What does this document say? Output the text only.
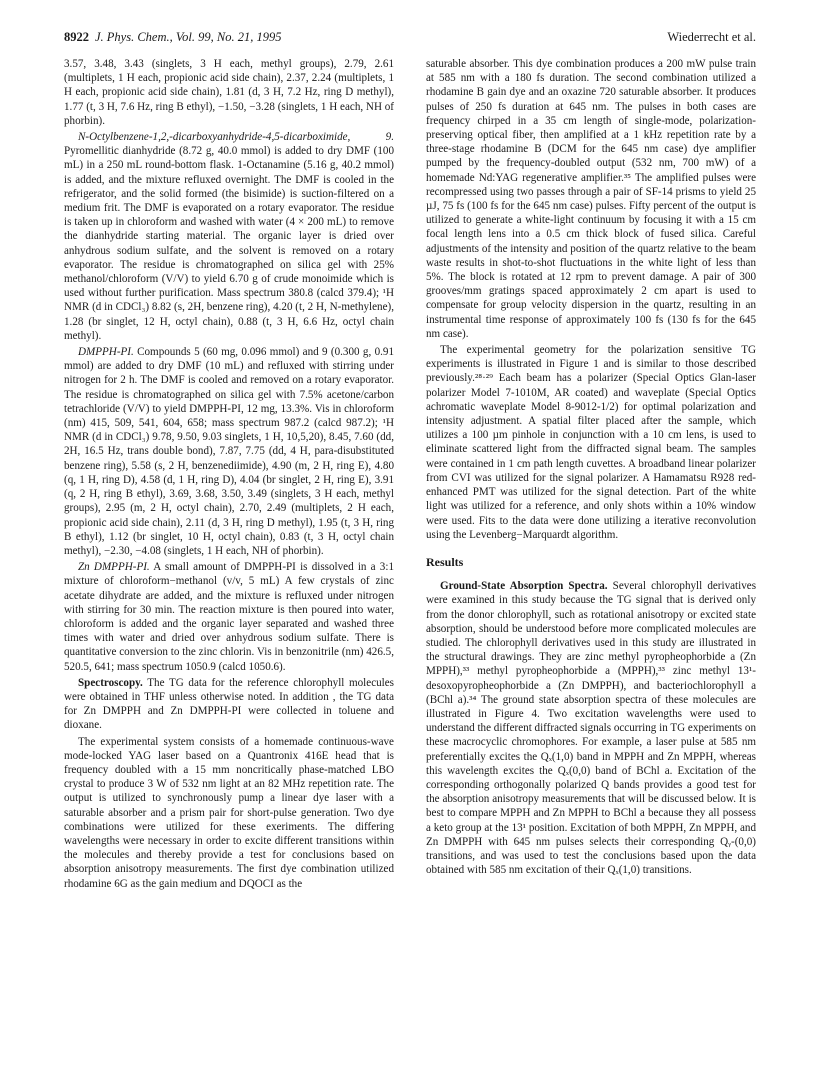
8922 J. Phys. Chem., Vol. 99, No. 21, 1995	Wiederrecht et al.

3.57, 3.48, 3.43 (singlets, 3 H each, methyl groups), 2.79, 2.61 (multiplets, 1 H each, propionic acid side chain), 2.37, 2.24 (multiplets, 1 H each, propionic acid side chain), 1.81 (d, 3 H, 7.2 Hz, ring D methyl), 1.77 (t, 3 H, 7.6 Hz, ring B ethyl), −1.50, −3.28 (singlets, 1 H each, NH of phorbin).

N-Octylbenzene-1,2,-dicarboxyanhydride-4,5-dicarboximide, 9. Pyromellitic dianhydride (8.72 g, 40.0 mmol) is added to dry DMF (100 mL) in a 250 mL round-bottom flask. 1-Octanamine (5.16 g, 40.2 mmol) is added, and the mixture refluxed overnight. The DMF is cooled in the refrigerator, and the solid formed (the bisimide) is suction-filtered on a medium frit. The DMF is evaporated on a rotary evaporator. The residue is taken up in chloroform and washed with water (4 × 200 mL) to remove the dianhydride starting material. The organic layer is dried over anhydrous sodium sulfate, and the solvent is removed on a rotary evaporator. The residue is chromatographed on silica gel with 25% methanol/chloroform (V/V) to yield 6.70 g of crude monoimide which is used without further purification. Mass spectrum 380.8 (calcd 379.4); ¹H NMR (d in CDCl₃) 8.82 (s, 2H, benzene ring), 4.20 (t, 2 H, N-methylene), 1.28 (br singlet, 12 H, octyl chain), 0.88 (t, 3 H, 6.6 Hz, octyl chain methyl).

DMPPH-PI. Compounds 5 (60 mg, 0.096 mmol) and 9 (0.300 g, 0.91 mmol) are added to dry DMF (10 mL) and refluxed with stirring under nitrogen for 2 h. The DMF is cooled and removed on a rotary evaporator. The residue is chromatographed on silica gel with 7.5% acetone/carbon tetrachloride (V/V) to yield DMPPH-PI, 12 mg, 13.3%. Vis in chloroform (nm) 415, 509, 541, 604, 658; mass spectrum 987.2 (calcd 987.2); ¹H NMR (d in CDCl₃) 9.78, 9.50, 9.03 singlets, 1 H, 10,5,20), 8.45, 7.60 (dd, 2H, 16.5 Hz, trans double bond), 7.87, 7.75 (dd, 4 H, para-disubstituted benzene ring), 5.58 (s, 2 H, benzenediimide), 4.90 (m, 2 H, ring E), 4.80 (q, 1 H, ring D), 4.58 (d, 1 H, ring D), 4.04 (br singlet, 2 H, ring E), 3.91 (q, 2 H, ring B ethyl), 3.69, 3.68, 3.50, 3.49 (singlets, 3 H each, methyl groups), 2.95 (m, 2 H, octyl chain), 2.70, 2.49 (multiplets, 2 H each, propionic acid side chain), 2.11 (d, 3 H, ring D methyl), 1.95 (t, 3 H, ring B ethyl), 1.12 (br singlet, 10 H, octyl chain), 0.83 (t, 3 H, octyl chain methyl), −2.30, −4.08 (singlets, 1 H each, NH of phorbin).

Zn DMPPH-PI. A small amount of DMPPH-PI is dissolved in a 3:1 mixture of chloroform−methanol (v/v, 5 mL) A few crystals of zinc acetate dihydrate are added, and the mixture is refluxed under nitrogen with stirring for 30 min. The reaction mixture is then poured into water, chloroform is added and the organic layer separated and washed three times with water and dried over anhydrous sodium sulfate. There is quantitative conversion to the zinc chlorin. Vis in benzonitrile (nm) 426.5, 520.5, 641; mass spectrum 1050.9 (calcd 1050.6).

Spectroscopy. The TG data for the reference chlorophyll molecules were obtained in THF unless otherwise noted. In addition , the TG data for Zn DMPPH and Zn DMPPH-PI were collected in toluene and dioxane.

The experimental system consists of a homemade continuous-wave mode-locked YAG laser based on a Quantronix 416E head that is frequency doubled with a 15 mm noncritically phase-matched LBO crystal to produce 3 W of 532 nm light at an 82 MHz repetition rate. The output is utilized to synchronously pump a linear dye laser with a saturable absorber and a prism pair for short-pulse generation. Two dye combinations were utilized for these exeriments. The differing wavelengths were necessary in order to excite different transitions within the molecules and thereby provide a test for conclusions based on absorption anisotropy measurements. The first dye combination utilized rhodamine 6G as the gain medium and DQOCI as the

saturable absorber. This dye combination produces a 200 mW pulse train at 585 nm with a 180 fs duration. The second combination utilized a rhodamine B gain dye and an oxazine 720 saturable absorber. It produces pulses of 250 fs duration at 645 nm. The pulses in both cases are frequency chirped in a 35 cm length of single-mode, polarization-preserving optical fiber, then amplified at a 1 kHz repetition rate by a three-stage rhodamine B (DCM for the 645 nm case) dye amplifier pumped by the frequency-doubled output (532 nm, 700 mW) of a homemade Nd:YAG regenerative amplifier.³⁵ The amplified pulses were recompressed using two passes through a pair of SF-14 prisms to yield 25 µJ, 75 fs (100 fs for the 645 nm case) pulses. Fifty percent of the output is utilized to generate a white-light continuum by focusing it with a 15 cm focal length lens into a 0.5 cm thick block of fused silica. Careful adjustments of the intensity and position of the quartz relative to the beam waste results in shot-to-shot fluctuations in the white light of less than 5%. The block is rotated at 12 rpm to prevent damage. A pair of 300 grooves/mm gratings spaced approximately 2 cm apart is used to compensate for group velocity dispersion in the quartz, resulting in an instrumental time response of approximately 100 fs (130 fs for the 645 nm case).

The experimental geometry for the polarization sensitive TG experiments is illustrated in Figure 1 and is similar to those described previously.²⁸·²⁹ Each beam has a polarizer (Special Optics Glan-laser polarizer Model 7-1010M, AR coated) and waveplate (Special Optics achromatic waveplate Model 8-9012-1/2) for optimal polarization and intensity adjustment. A spatial filter placed after the sample, which utilizes a 100 µm pinhole in conjunction with a 10 cm lens, is used to eliminate scattered light from the diffracted signal beam. The samples were contained in 1 cm path length cuvettes. A broadband linear polarizer from CVI was utilized for the signal polarizer. A Hamamatsu R928 red-enhanced PMT was utilized for the signal detection. Part of the white light was utilized for a reference, and only shots within a 10% window were used. Fits to the data were done utilizing a iterative reconvolution using the Levenberg−Marquardt algorithm.

Results

Ground-State Absorption Spectra. Several chlorophyll derivatives were examined in this study because the TG signal that is derived only from the donor chlorophyll, such as rotational anisotropy or excited state absorption, should be understood before more complicated molecules are studied. The chlorophyll derivatives used in this study are illustrated in the structural drawings. They are zinc methyl pyropheophorbide a (Zn MPPH),³³ methyl pyropheophorbide a (MPPH),³³ zinc methyl 13¹-desoxopyropheophorbide a (Zn DMPPH), and bacteriochlorophyll a (BChl a).³⁴ The ground state absorption spectra of these molecules are illustrated in Figure 4. Two excitation wavelengths were used to understand the different diffracted signals occurring in TG experiments on these macrocyclic chromophores. For example, a laser pulse at 585 nm preferentially excites the Qₓ(1,0) band in MPPH and Zn MPPH, whereas this wavelength excites the Qₓ(0,0) band of BChl a. Excitation of the corresponding orthogonally polarized Q bands provides a good test for the absorption anisotropy measurements that will be discussed below. It is best to compare MPPH and Zn MPPH to BChl a because they all possess a keto group at the 13¹ position. Excitation of both MPPH, Zn MPPH, and Zn DMPPH with 645 nm pulses selects their corresponding Qᵧ-(0,0) transitions, and was used to test the conclusions based upon the data obtained with 585 nm excitation of their Qₓ(1,0) transitions.
